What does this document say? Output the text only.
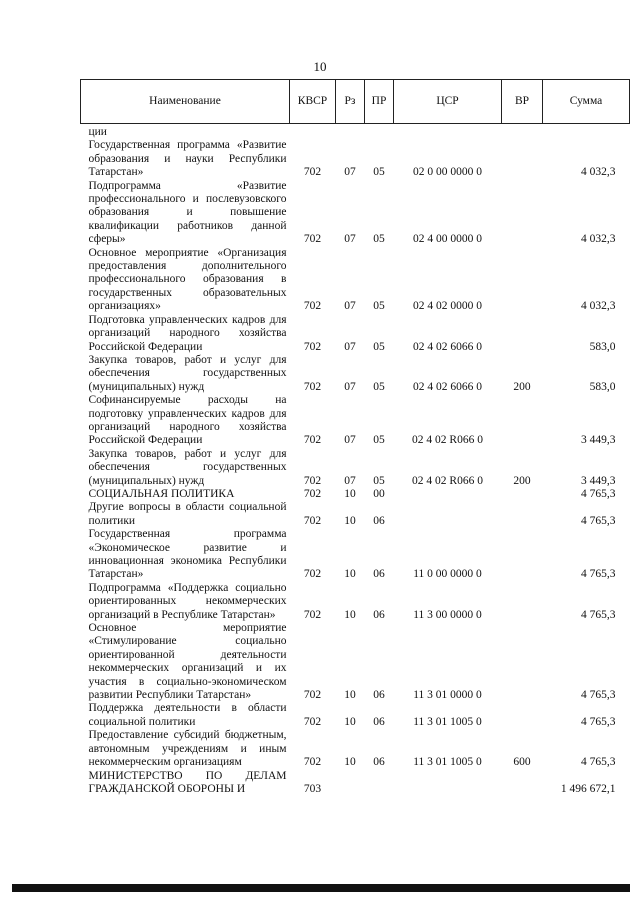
10
Наименование	КВСР	Рз	ПР	ЦСР	ВР	Сумма
ции						
Государственная программа «Развитие образования и науки Республики Татарстан»	702	07	05	02 0 00 0000 0		4 032,3
Подпрограмма «Развитие профессионального и послевузовского образования и повышение квалификации работников данной сферы»	702	07	05	02 4 00 0000 0		4 032,3
Основное мероприятие «Организация предоставления дополнительного профессионального образования в государственных образовательных организациях»	702	07	05	02 4 02 0000 0		4 032,3
Подготовка управленческих кадров для организаций народного хозяйства Российской Федерации	702	07	05	02 4 02 6066 0		583,0
Закупка товаров, работ и услуг для обеспечения государственных (муниципальных) нужд	702	07	05	02 4 02 6066 0	200	583,0
Софинансируемые расходы на подготовку управленческих кадров для организаций народного хозяйства Российской Федерации	702	07	05	02 4 02 R066 0		3 449,3
Закупка товаров, работ и услуг для обеспечения государственных (муниципальных) нужд	702	07	05	02 4 02 R066 0	200	3 449,3
СОЦИАЛЬНАЯ ПОЛИТИКА	702	10	00			4 765,3
Другие вопросы в области социальной политики	702	10	06			4 765,3
Государственная программа «Экономическое развитие и инновационная экономика Республики Татарстан»	702	10	06	11 0 00 0000 0		4 765,3
Подпрограмма «Поддержка социально ориентированных некоммерческих организаций в Республике Татарстан»	702	10	06	11 3 00 0000 0		4 765,3
Основное мероприятие «Стимулирование социально ориентированной деятельности некоммерческих организаций и их участия в социально-экономическом развитии Республики Татарстан»	702	10	06	11 3 01 0000 0		4 765,3
Поддержка деятельности в области социальной политики	702	10	06	11 3 01 1005 0		4 765,3
Предоставление субсидий бюджетным, автономным учреждениям и иным некоммерческим организациям	702	10	06	11 3 01 1005 0	600	4 765,3
МИНИСТЕРСТВО ПО ДЕЛАМ ГРАЖДАНСКОЙ ОБОРОНЫ И	703					1 496 672,1
